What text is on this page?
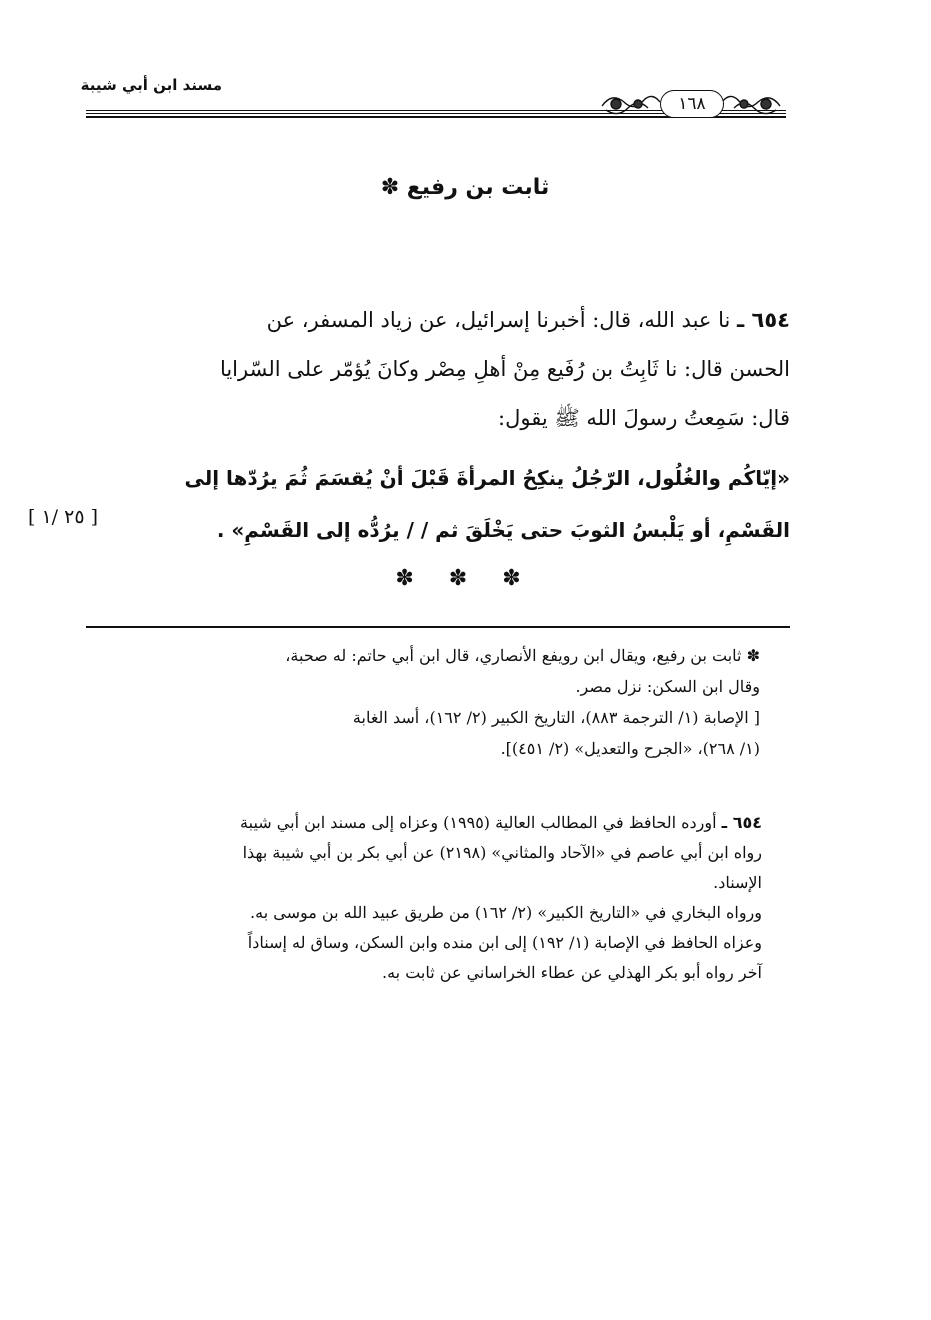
مسند ابن أبي شيبة
١٦٨
ثابت بن رفيع ✽

٦٥٤ ـ نا عبد الله، قال: أخبرنا إسرائيل، عن زياد المسفر، عن

الحسن قال: نا ثَابِتُ بن رُفَيع مِنْ أهلِ مِصْر وكانَ يُؤمّر على السّرايا

قال: سَمِعتُ رسولَ الله ﷺ يقول:

«إيّاكُم والغُلُول، الرّجُلُ ينكِحُ المرأةَ قَبْلَ أنْ يُقسَمَ ثُمَ يرُدّها إلى

القَسْمِ، أو يَلْبسُ الثوبَ حتى يَخْلَقَ ثم / / يرُدُّه إلى القَسْمِ» .

[ ٢٥ /١ ]
✽ ✽ ✽

✽ ثابت بن رفيع، ويقال ابن رويفع الأنصاري، قال ابن أبي حاتم: له صحبة،

وقال ابن السكن: نزل مصر.

[ الإصابة (١/ الترجمة ٨٨٣)، التاريخ الكبير (٢/ ١٦٢)، أسد الغابة

(١/ ٢٦٨)، «الجرح والتعديل» (٢/ ٤٥١)].

٦٥٤ ـ أورده الحافظ في المطالب العالية (١٩٩٥) وعزاه إلى مسند ابن أبي شيبة

رواه ابن أبي عاصم في «الآحاد والمثاني» (٢١٩٨) عن أبي بكر بن أبي شيبة بهذا

الإسناد.

ورواه البخاري في «التاريخ الكبير» (٢/ ١٦٢) من طريق عبيد الله بن موسى به.

وعزاه الحافظ في الإصابة (١/ ١٩٢) إلى ابن منده وابن السكن، وساق له إسناداً

آخر رواه أبو بكر الهذلي عن عطاء الخراساني عن ثابت به.
